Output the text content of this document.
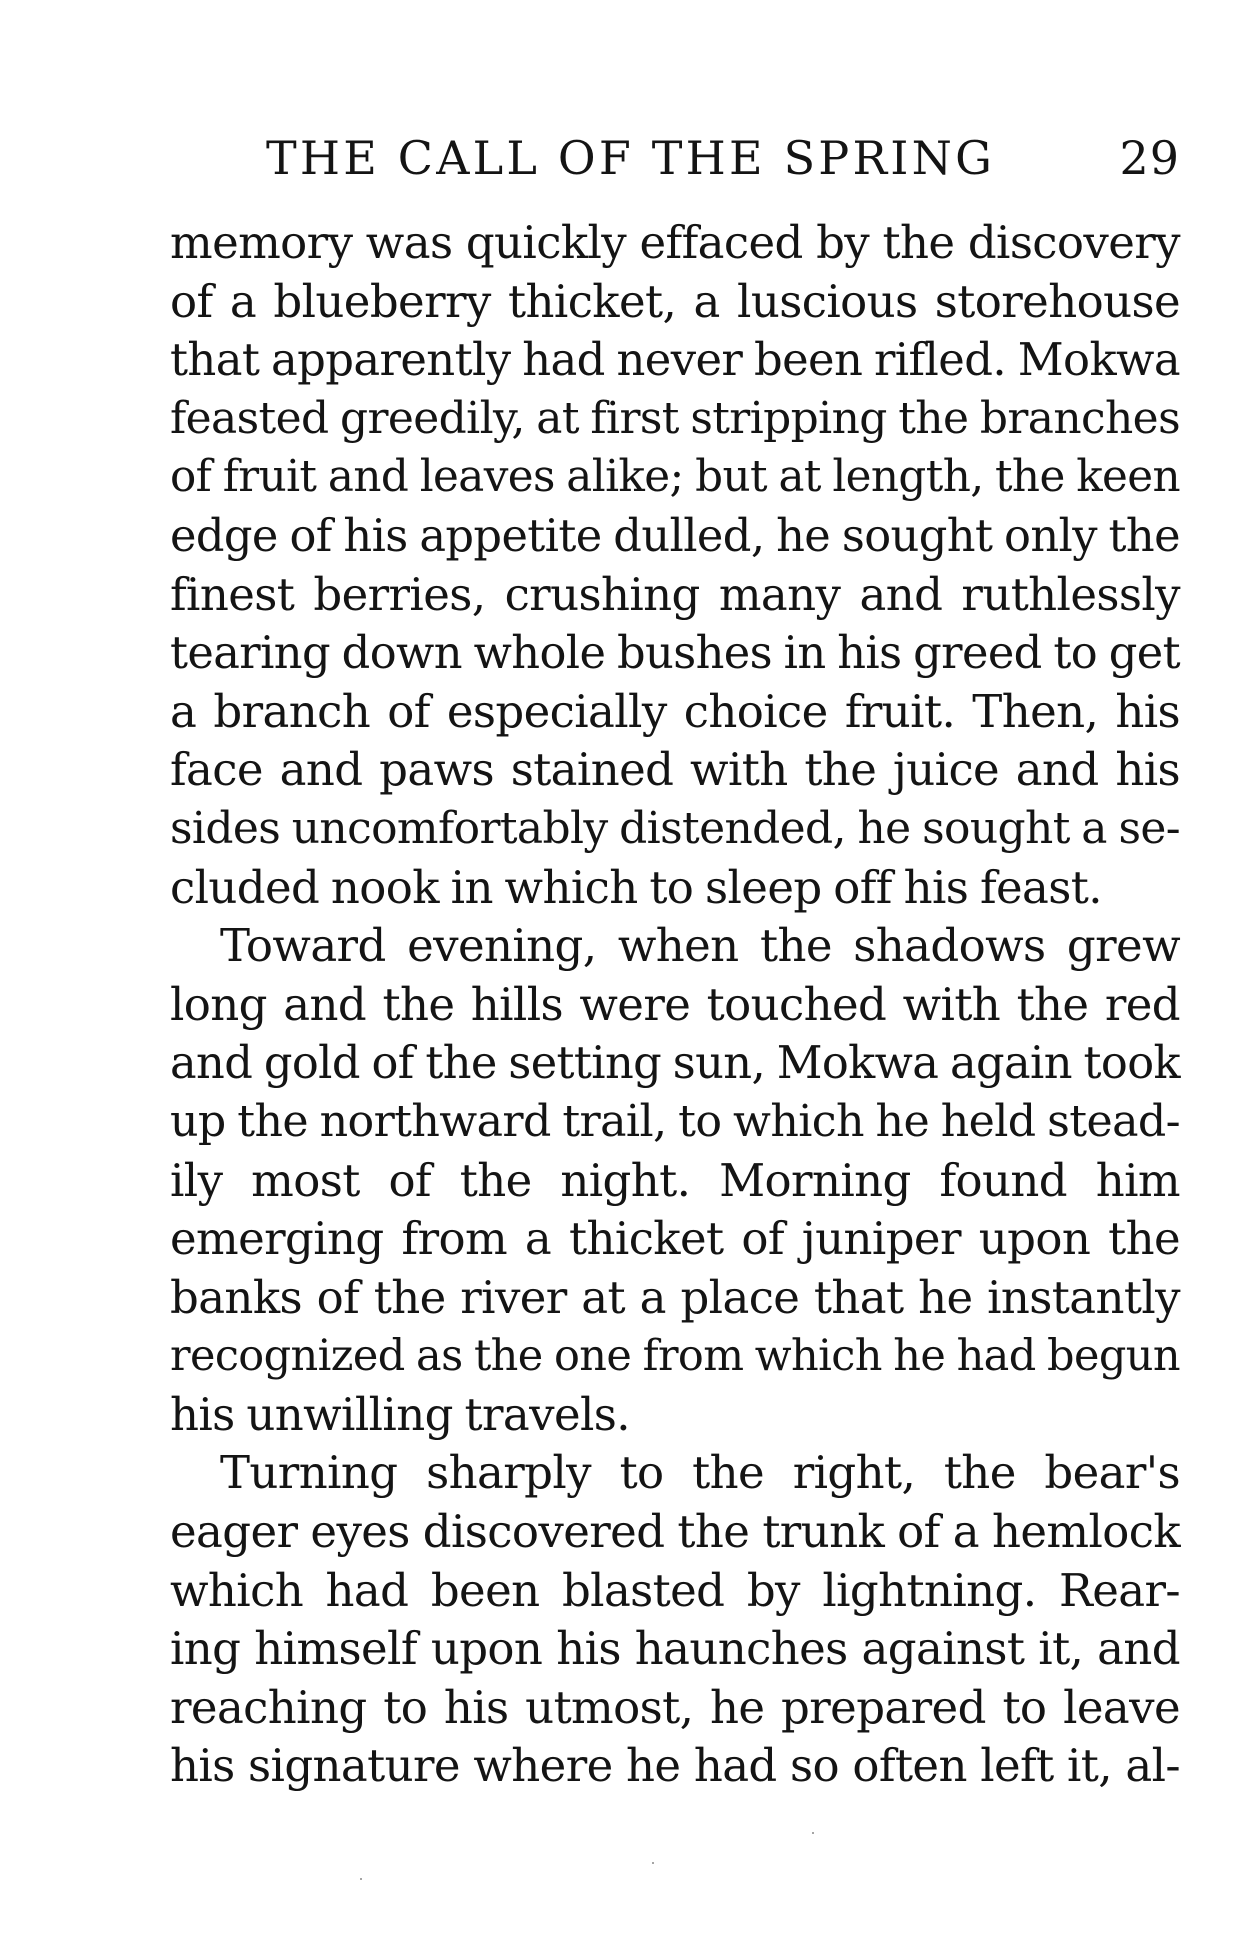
THE CALL OF THE SPRING	29
memory was quickly effaced by the discovery
of a blueberry thicket, a luscious storehouse
that apparently had never been rifled. Mokwa
feasted greedily, at first stripping the branches
of fruit and leaves alike; but at length, the keen
edge of his appetite dulled, he sought only the
finest berries, crushing many and ruthlessly
tearing down whole bushes in his greed to get
a branch of especially choice fruit. Then, his
face and paws stained with the juice and his
sides uncomfortably distended, he sought a se-
cluded nook in which to sleep off his feast.
Toward evening, when the shadows grew
long and the hills were touched with the red
and gold of the setting sun, Mokwa again took
up the northward trail, to which he held stead-
ily most of the night. Morning found him
emerging from a thicket of juniper upon the
banks of the river at a place that he instantly
recognized as the one from which he had begun
his unwilling travels.
Turning sharply to the right, the bear's
eager eyes discovered the trunk of a hemlock
which had been blasted by lightning. Rear-
ing himself upon his haunches against it, and
reaching to his utmost, he prepared to leave
his signature where he had so often left it, al-
